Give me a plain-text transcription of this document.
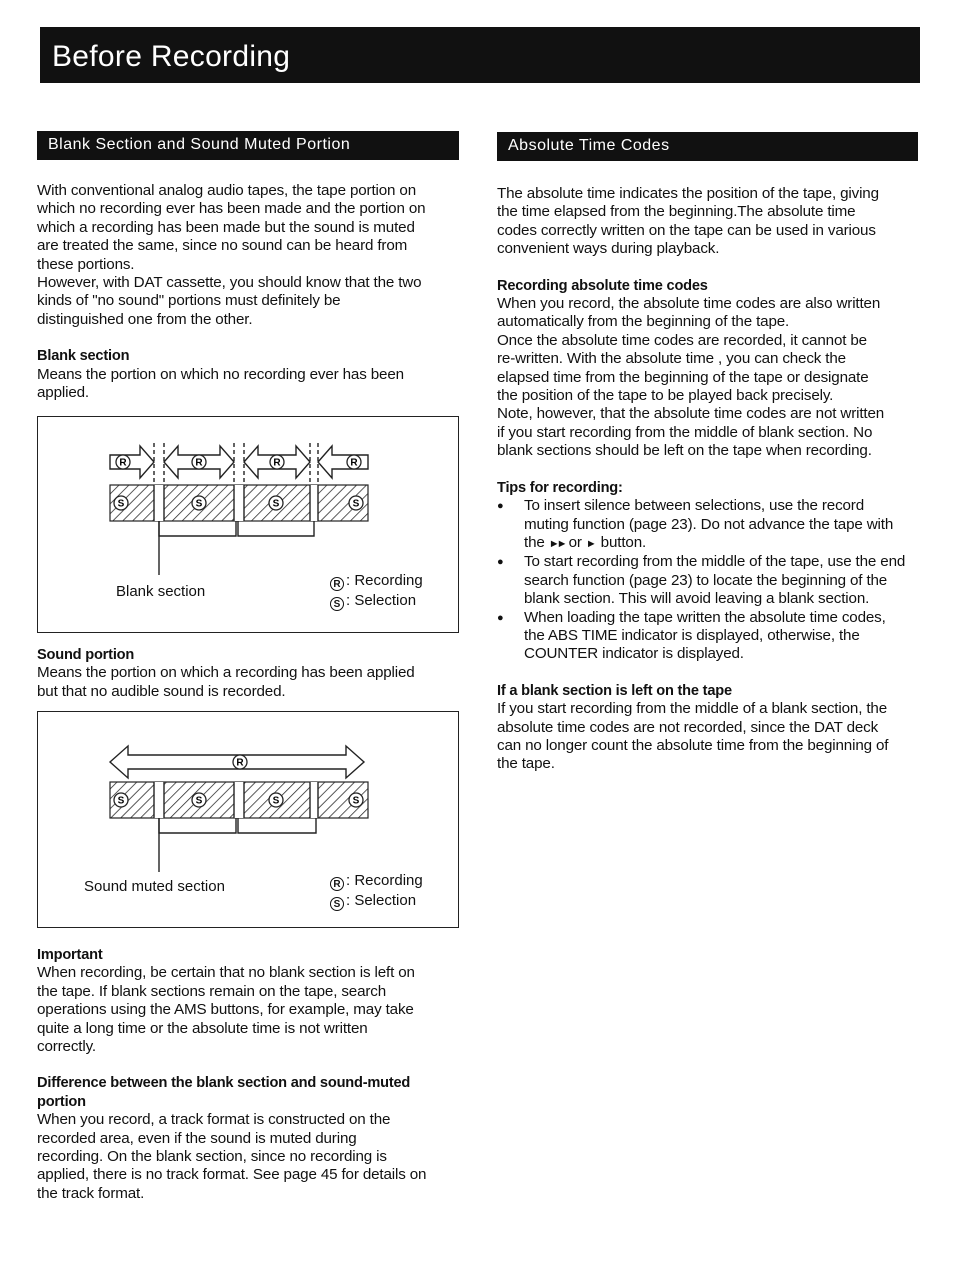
Before Recording
Blank Section and Sound Muted Portion

With conventional analog audio tapes, the tape portion on

which no recording ever has been made and the portion on

which a recording has been made but the sound is muted

are treated the same, since no sound can be heard from

these portions.

However, with DAT cassette, you should know that the two

kinds of "no sound" portions must definitely be

distinguished one from the other.

Blank section

Means the portion on which no recording ever has been

applied.

S	S	S	S
R	R	R	R
Blank section	R : Recording
S : Selection

Sound portion

Means the portion on which a recording has been applied

but that no audible sound is recorded.

S	S	S	S
R
Sound muted section	R : Recording
S : Selection

Important

When recording, be certain that no blank section is left on

the tape. If blank sections remain on the tape, search

operations using the AMS buttons, for example, may take

quite a long time or the absolute time is not written

correctly.

Difference between the blank section and sound-muted

portion

When you record, a track format is constructed on the

recorded area, even if the sound is muted during

recording. On the blank section, since no recording is

applied, there is no track format. See page 45 for details on

the track format.

Absolute Time Codes

The absolute time indicates the position of the tape, giving

the time elapsed from the beginning.The absolute time

codes correctly written on the tape can be used in various

convenient ways during playback.

Recording absolute time codes

When you record, the absolute time codes are also written

automatically from the beginning of the tape.

Once the absolute time codes are recorded, it cannot be

re-written. With the absolute time , you can check the

elapsed time from the beginning of the tape or designate

the position of the tape to be played back precisely.

Note, however, that the absolute time codes are not written

if you start recording from the middle of blank section. No

blank sections should be left on the tape when recording.

Tips for recording:

● To insert silence between selections, use the record
muting function (page 23). Do not advance the tape with
the ►► or ► button.
● To start recording from the middle of the tape, use the end
search function (page 23) to locate the beginning of the
blank section. This will avoid leaving a blank section.
● When loading the tape written the absolute time codes,
the ABS TIME indicator is displayed, otherwise, the
COUNTER indicator is displayed.

If a blank section is left on the tape

If you start recording from the middle of a blank section, the

absolute time codes are not recorded, since the DAT deck

can no longer count the absolute time from the beginning of

the tape.
